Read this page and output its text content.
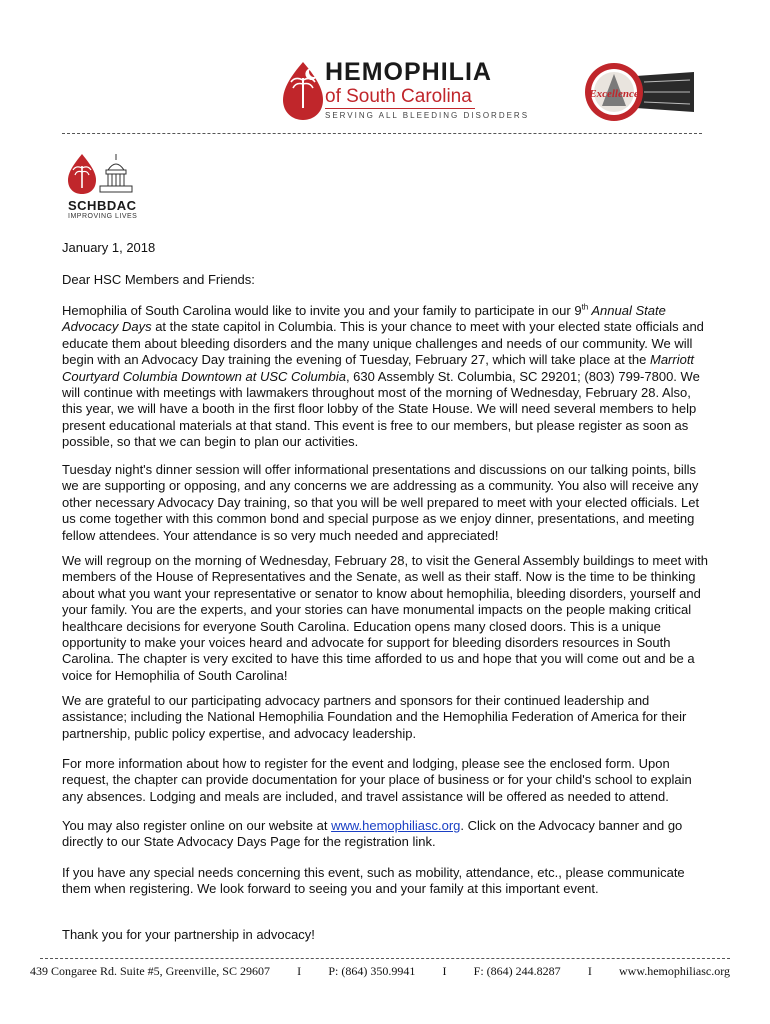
HEMOPHILIA
of South Carolina
SERVING ALL BLEEDING DISORDERS
Excellence
SCHBDAC
IMPROVING LIVES
January 1, 2018
Dear HSC Members and Friends:

Hemophilia of South Carolina would like to invite you and your family to participate in our 9th Annual State Advocacy Days at the state capitol in Columbia. This is your chance to meet with your elected state officials and educate them about bleeding disorders and the many unique challenges and needs of our community. We will begin with an Advocacy Day training the evening of Tuesday, February 27, which will take place at the Marriott Courtyard Columbia Downtown at USC Columbia, 630 Assembly St. Columbia, SC 29201; (803) 799-7800. We will continue with meetings with lawmakers throughout most of the morning of Wednesday, February 28. Also, this year, we will have a booth in the first floor lobby of the State House. We will need several members to help present educational materials at that stand. This event is free to our members, but please register as soon as possible, so that we can begin to plan our activities.

Tuesday night's dinner session will offer informational presentations and discussions on our talking points, bills we are supporting or opposing, and any concerns we are addressing as a community. You also will receive any other necessary Advocacy Day training, so that you will be well prepared to meet with your elected officials. Let us come together with this common bond and special purpose as we enjoy dinner, presentations, and meeting fellow attendees. Your attendance is so very much needed and appreciated!

We will regroup on the morning of Wednesday, February 28, to visit the General Assembly buildings to meet with members of the House of Representatives and the Senate, as well as their staff. Now is the time to be thinking about what you want your representative or senator to know about hemophilia, bleeding disorders, yourself and your family. You are the experts, and your stories can have monumental impacts on the people making critical healthcare decisions for everyone South Carolina. Education opens many closed doors. This is a unique opportunity to make your voices heard and advocate for support for bleeding disorders resources in South Carolina. The chapter is very excited to have this time afforded to us and hope that you will come out and be a voice for Hemophilia of South Carolina!

We are grateful to our participating advocacy partners and sponsors for their continued leadership and assistance; including the National Hemophilia Foundation and the Hemophilia Federation of America for their partnership, public policy expertise, and advocacy leadership.

For more information about how to register for the event and lodging, please see the enclosed form. Upon request, the chapter can provide documentation for your place of business or for your child's school to explain any absences. Lodging and meals are included, and travel assistance will be offered as needed to attend.

You may also register online on our website at www.hemophiliasc.org. Click on the Advocacy banner and go directly to our State Advocacy Days Page for the registration link.

If you have any special needs concerning this event, such as mobility, attendance, etc., please communicate them when registering. We look forward to seeing you and your family at this important event.

Thank you for your partnership in advocacy!
439 Congaree Rd. Suite #5, Greenville, SC 29607 I P: (864) 350.9941 I F: (864) 244.8287 I www.hemophiliasc.org
